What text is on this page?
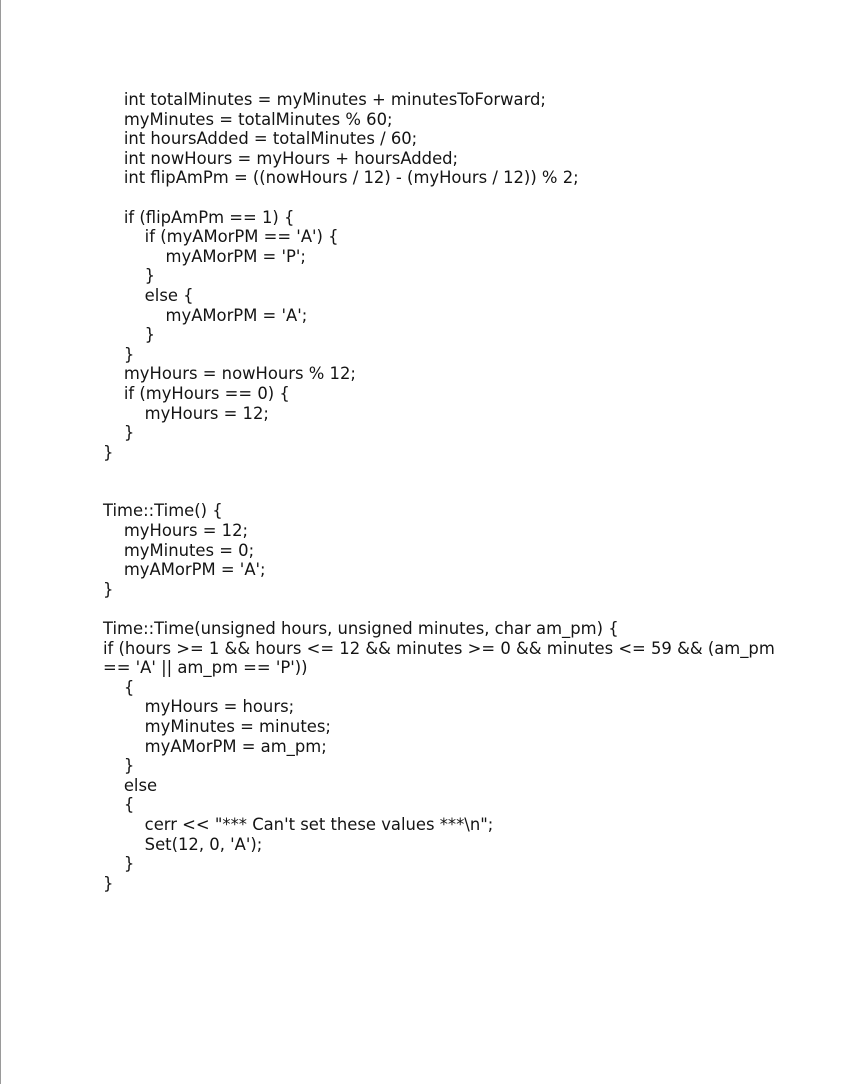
int totalMinutes = myMinutes + minutesToForward;
myMinutes = totalMinutes % 60;
int hoursAdded = totalMinutes / 60;
int nowHours = myHours + hoursAdded;
int flipAmPm = ((nowHours / 12) - (myHours / 12)) % 2;
if (flipAmPm == 1) {
if (myAMorPM == 'A') {
myAMorPM = 'P';
}
else {
myAMorPM = 'A';
}
}
myHours = nowHours % 12;
if (myHours == 0) {
myHours = 12;
}
}
Time::Time() {
myHours = 12;
myMinutes = 0;
myAMorPM = 'A';
}
Time::Time(unsigned hours, unsigned minutes, char am_pm) {
if (hours >= 1 && hours <= 12 && minutes >= 0 && minutes <= 59 && (am_pm == 'A' || am_pm == 'P'))
{
myHours = hours;
myMinutes = minutes;
myAMorPM = am_pm;
}
else
{
cerr << "*** Can't set these values ***\n";
Set(12, 0, 'A');
}
}
